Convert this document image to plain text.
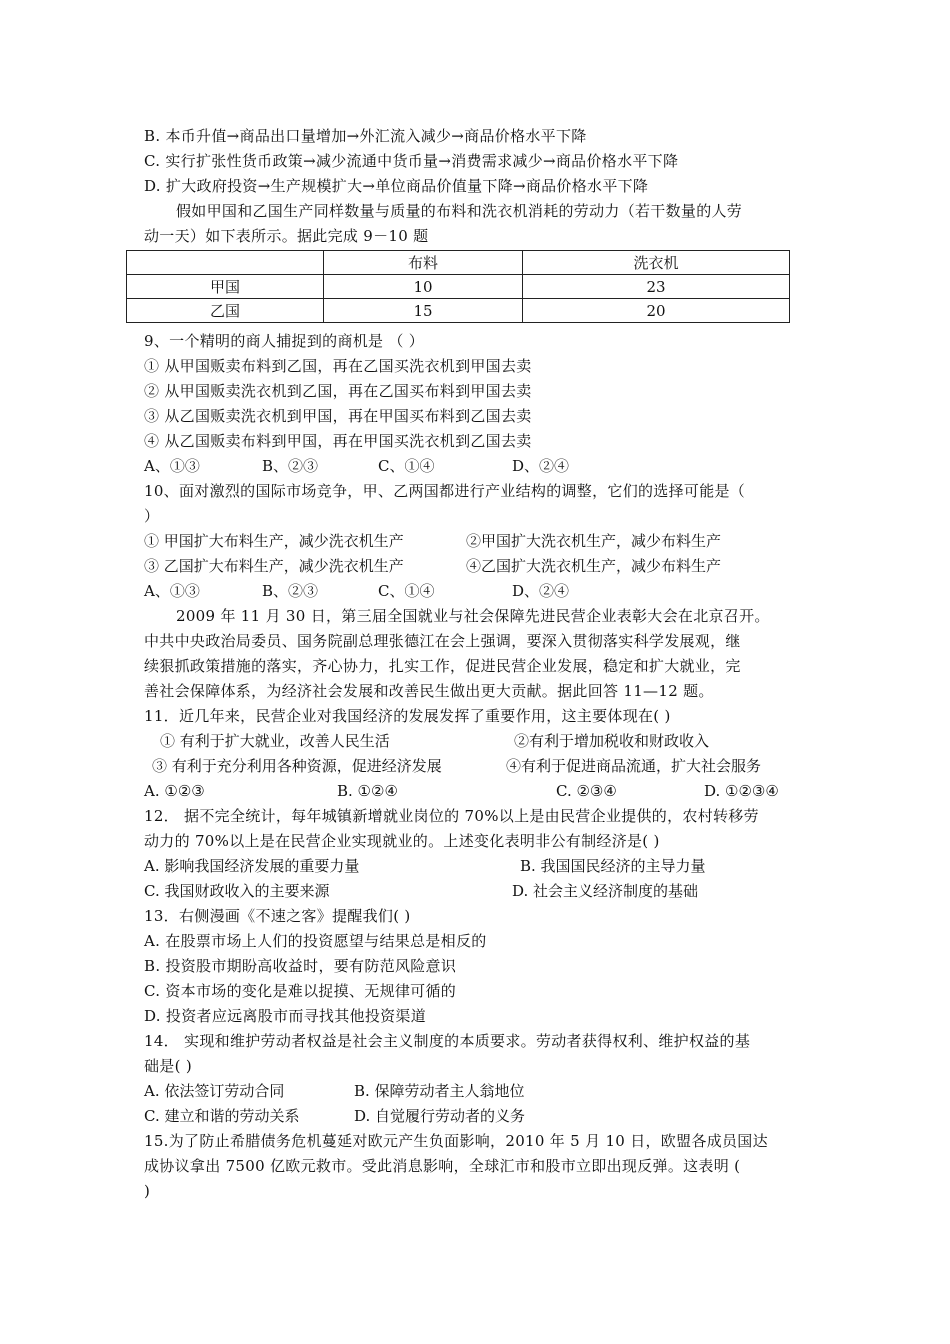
B. 本币升值→商品出口量增加→外汇流入减少→商品价格水平下降
C. 实行扩张性货币政策→减少流通中货币量→消费需求减少→商品价格水平下降
D. 扩大政府投资→生产规模扩大→单位商品价值量下降→商品价格水平下降
假如甲国和乙国生产同样数量与质量的布料和洗衣机消耗的劳动力（若干数量的人劳
动一天）如下表所示。据此完成 9－10 题
	布料	洗衣机
甲国	10	23
乙国	15	20
9、一个精明的商人捕捉到的商机是 （ ）
① 从甲国贩卖布料到乙国，再在乙国买洗衣机到甲国去卖
② 从甲国贩卖洗衣机到乙国，再在乙国买布料到甲国去卖
③ 从乙国贩卖洗衣机到甲国，再在甲国买布料到乙国去卖
④ 从乙国贩卖布料到甲国，再在甲国买洗衣机到乙国去卖
A、①③	B、②③	C、①④	D、②④
10、面对激烈的国际市场竞争，甲、乙两国都进行产业结构的调整，它们的选择可能是（
）
① 甲国扩大布料生产，减少洗衣机生产	②甲国扩大洗衣机生产，减少布料生产
③ 乙国扩大布料生产，减少洗衣机生产	④乙国扩大洗衣机生产，减少布料生产
A、①③	B、②③	C、①④	D、②④
2009 年 11 月 30 日，第三届全国就业与社会保障先进民营企业表彰大会在北京召开。
中共中央政治局委员、国务院副总理张德江在会上强调，要深入贯彻落实科学发展观，继
续狠抓政策措施的落实，齐心协力，扎实工作，促进民营企业发展，稳定和扩大就业，完
善社会保障体系，为经济社会发展和改善民生做出更大贡献。据此回答 11—12 题。
11．近几年来，民营企业对我国经济的发展发挥了重要作用，这主要体现在( )
① 有利于扩大就业，改善人民生活	②有利于增加税收和财政收入
③ 有利于充分利用各种资源，促进经济发展	④有利于促进商品流通，扩大社会服务
A. ①②③	B. ①②④	C. ②③④	D. ①②③④
12． 据不完全统计，每年城镇新增就业岗位的 70%以上是由民营企业提供的，农村转移劳
动力的 70%以上是在民营企业实现就业的。上述变化表明非公有制经济是( )
A. 影响我国经济发展的重要力量	B. 我国国民经济的主导力量
C. 我国财政收入的主要来源	D. 社会主义经济制度的基础
13．右侧漫画《不速之客》提醒我们( )
A. 在股票市场上人们的投资愿望与结果总是相反的
B. 投资股市期盼高收益时，要有防范风险意识
C. 资本市场的变化是难以捉摸、无规律可循的
D. 投资者应远离股市而寻找其他投资渠道
14． 实现和维护劳动者权益是社会主义制度的本质要求。劳动者获得权利、维护权益的基
础是( )
A. 依法签订劳动合同	B. 保障劳动者主人翁地位
C. 建立和谐的劳动关系	D. 自觉履行劳动者的义务
15.为了防止希腊债务危机蔓延对欧元产生负面影响，2010 年 5 月 10 日，欧盟各成员国达
成协议拿出 7500 亿欧元救市。受此消息影响，全球汇市和股市立即出现反弹。这表明 (
)
